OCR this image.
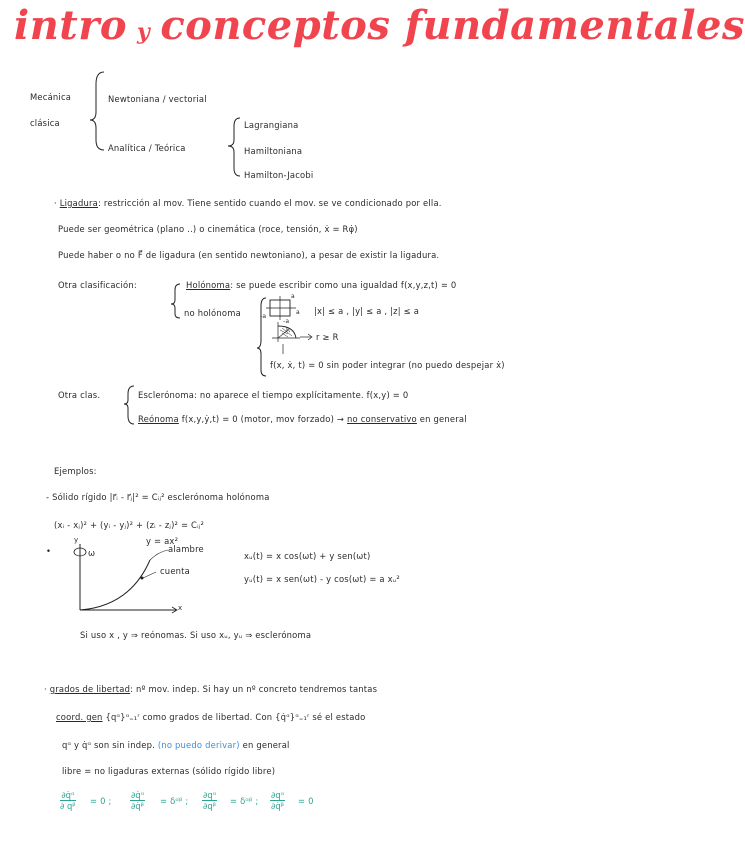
intro y conceptos fundamentales
Mecánica
clásica
Newtoniana / vectorial
Analítica / Teórica
Lagrangiana
Hamiltoniana
Hamilton-Jacobi
· Ligadura: restricción al mov. Tiene sentido cuando el mov. se ve condicionado por ella.
Puede ser geométrica (plano ..) o cinemática (roce, tensión, ẋ = Rφ̇)
Puede haber o no F⃗ de ligadura (en sentido newtoniano), a pesar de existir la ligadura.
Otra clasificación:	Holónoma: se puede escribir como una igualdad f(x,y,z,t) = 0
no holónoma	|x| ≤ a , |y| ≤ a , |z| ≤ a
a
-a
-a
a
R
r ≥ R
f(x, ẋ, t) = 0 sin poder integrar (no puedo despejar ẋ)
Otra clas.	Esclerónoma: no aparece el tiempo explícitamente. f(x,y) = 0
Reónoma f(x,y,ẏ,t) = 0 (motor, mov forzado) → no conservativo en general
Ejemplos:
- Sólido rígido |r⃗ᵢ - r⃗ⱼ|² = Cᵢⱼ² esclerónoma holónoma
(xᵢ - xⱼ)² + (yᵢ - yⱼ)² + (zᵢ - zⱼ)² = Cᵢⱼ²
•	ω
y = ax²
alambre
cuenta
y
x
xᵤ(t) = x cos(ωt) + y sen(ωt)
yᵤ(t) = x sen(ωt) - y cos(ωt) = a xᵤ²
Si uso x , y ⇒ reónomas. Si uso xᵤ, yᵤ ⇒ esclerónoma
· grados de libertad: nº mov. indep. Si hay un nº concreto tendremos tantas
coord. gen {qᵅ}ᵅ₌₁ʳ como grados de libertad. Con {q̇ᵅ}ᵅ₌₁ʳ sé el estado
qᵅ y q̇ᵅ son sin indep. (no puedo derivar) en general
libre = no ligaduras externas (sólido rígido libre)
$\frac{\text{∂q̇ᵅ}}{\text{∂ qᵝ}} = 0$ ; $\frac{\text{∂q̇ᵅ}}{\text{∂q̇ᵝ}}$ = δᵅᵝ ; $\frac{\text{∂qᵅ}}{\text{∂qᵝ}}$ = δᵅᵝ ; $\frac{\text{∂qᵅ}}{\text{∂q̇ᵝ}} = 0$
